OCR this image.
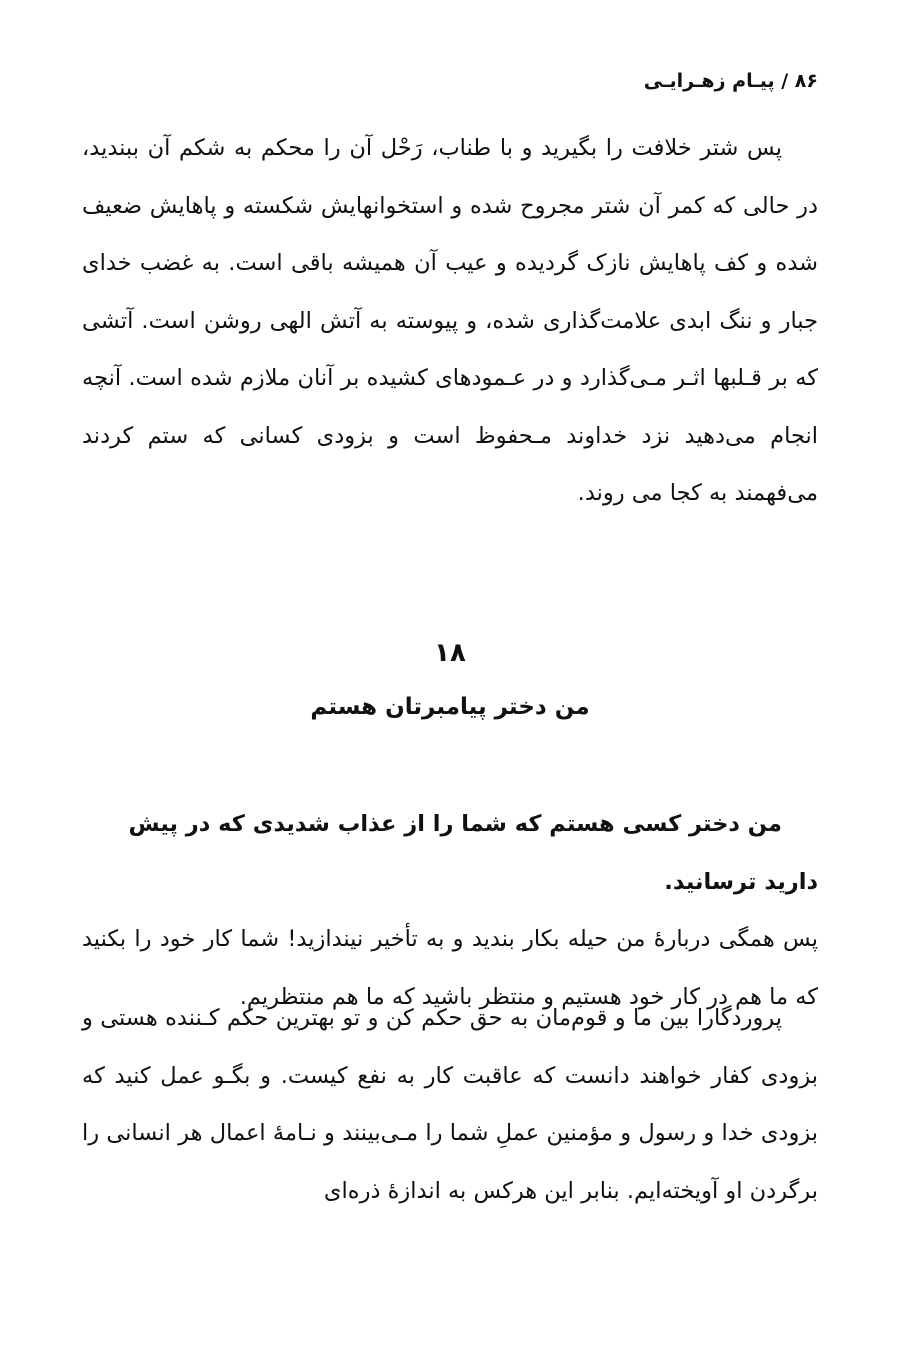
۸۶ / پیـام زهـرایـی

پس شتر خلافت را بگیرید و با طناب، رَحْل آن را محکم به شکم آن ببندید، در حالی که کمر آن شتر مجروح شده و استخوانهایش شکسته و پاهایش ضعیف شده و کف پاهایش نازک گردیده و عیب آن همیشه باقی است. به غضب خدای جبار و ننگ ابدی علامت‌گذاری شده، و پیوسته به آتش الهی روشن است. آتشی که بر قـلبها اثـر مـی‌گذارد و در عـمودهای کشیده بر آنان ملازم شده است. آنچه انجام می‌دهید نزد خداوند مـحفوظ است و بزودی کسانی که ستم کردند می‌فهمند به کجا می روند.

۱۸
من دختر پیامبرتان هستم
من دختر کسی هستم که شما را از عذاب شدیدی که در پیش دارید ترسانید.
پس همگی دربارهٔ من حیله بکار بندید و به تأخیر نیندازید! شما کار خود را بکنید که ما هم در کار خود هستیم و منتظر باشید که ما هم منتظریم.

پروردگارا بین ما و قوم‌مان به حق حکم کن و تو بهترین حکم کـننده هستی و بزودی کفار خواهند دانست که عاقبت کار به نفع کیست. و بگـو عمل کنید که بزودی خدا و رسول و مؤمنین عملِ شما را مـی‌بینند و نـامهٔ اعمال هر انسانی را برگردن او آویخته‌ایم. بنابر این هرکس به اندازهٔ ذره‌ای
